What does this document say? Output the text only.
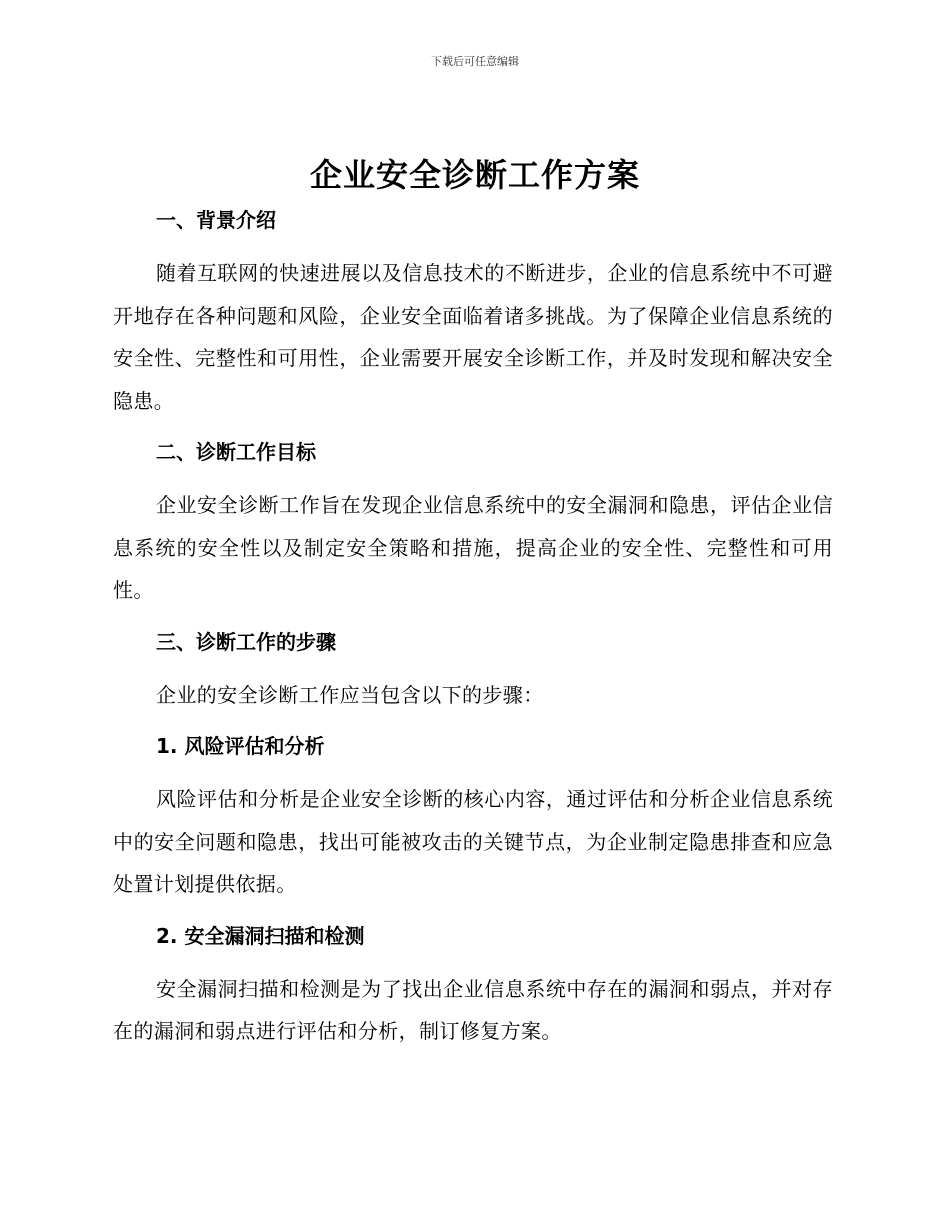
下载后可任意编辑
企业安全诊断工作方案
一、背景介绍

随着互联网的快速进展以及信息技术的不断进步，企业的信息系统中不可避开地存在各种问题和风险，企业安全面临着诸多挑战。为了保障企业信息系统的安全性、完整性和可用性，企业需要开展安全诊断工作，并及时发现和解决安全隐患。

二、诊断工作目标

企业安全诊断工作旨在发现企业信息系统中的安全漏洞和隐患，评估企业信息系统的安全性以及制定安全策略和措施，提高企业的安全性、完整性和可用性。

三、诊断工作的步骤

企业的安全诊断工作应当包含以下的步骤：

1. 风险评估和分析

风险评估和分析是企业安全诊断的核心内容，通过评估和分析企业信息系统中的安全问题和隐患，找出可能被攻击的关键节点，为企业制定隐患排查和应急处置计划提供依据。

2. 安全漏洞扫描和检测

安全漏洞扫描和检测是为了找出企业信息系统中存在的漏洞和弱点，并对存在的漏洞和弱点进行评估和分析，制订修复方案。
